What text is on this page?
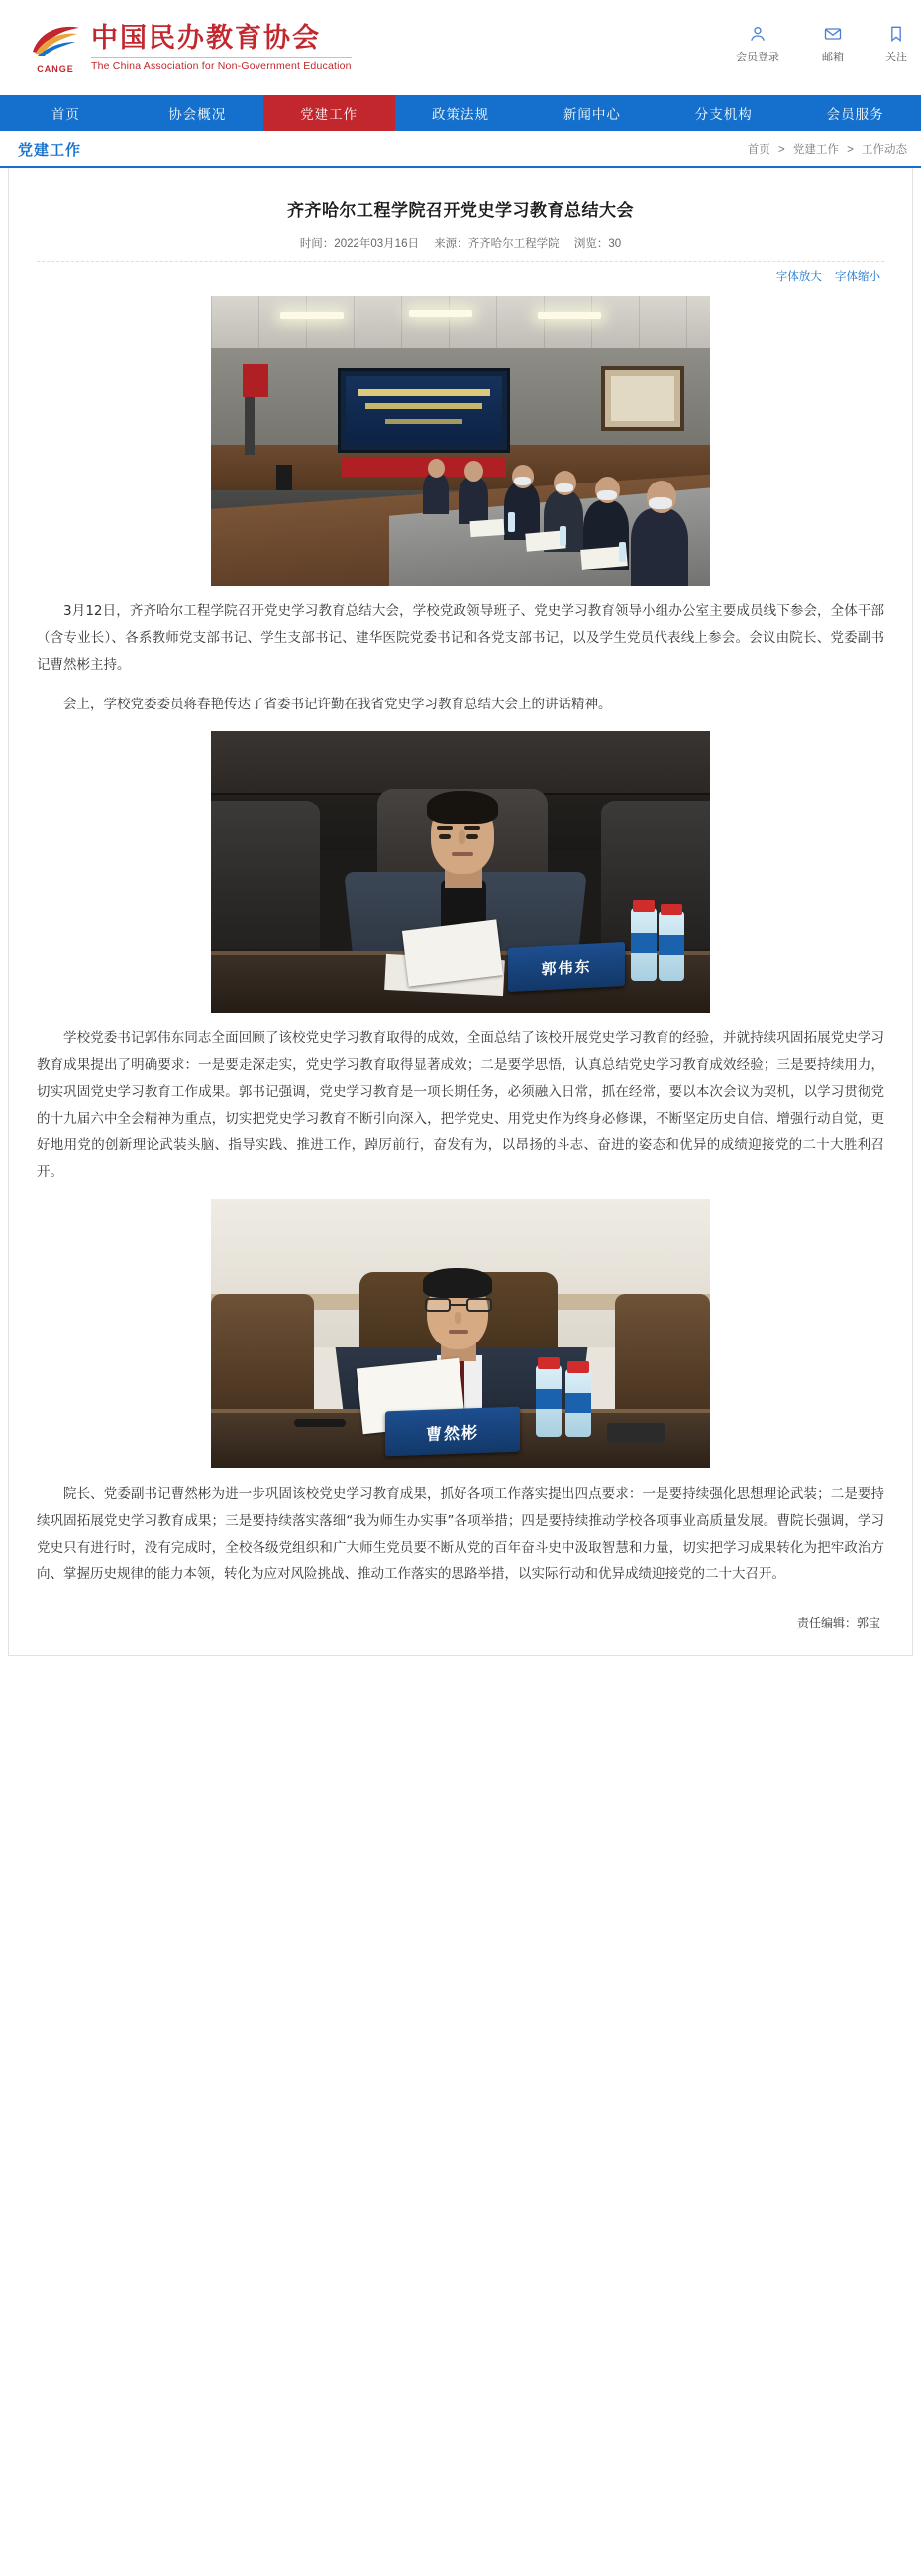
CANGE
中国民办教育协会
The China Association for Non-Government Education
会员登录	邮箱	关注
首页	协会概况	党建工作	政策法规	新闻中心	分支机构	会员服务
党建工作	首页 > 党建工作 > 工作动态
齐齐哈尔工程学院召开党史学习教育总结大会
时间：2022年03月16日 来源：齐齐哈尔工程学院 浏览：30
字体放大 字体缩小
3月12日，齐齐哈尔工程学院召开党史学习教育总结大会，学校党政领导班子、党史学习教育领导小组办公室主要成员线下参会，全体干部（含专业长）、各系教师党支部书记、学生支部书记、建华医院党委书记和各党支部书记，以及学生党员代表线上参会。会议由院长、党委副书记曹然彬主持。
会上，学校党委委员蒋春艳传达了省委书记许勤在我省党史学习教育总结大会上的讲话精神。
郭伟东
学校党委书记郭伟东同志全面回顾了该校党史学习教育取得的成效，全面总结了该校开展党史学习教育的经验，并就持续巩固拓展党史学习教育成果提出了明确要求：一是要走深走实，党史学习教育取得显著成效；二是要学思悟，认真总结党史学习教育成效经验；三是要持续用力，切实巩固党史学习教育工作成果。郭书记强调，党史学习教育是一项长期任务，必须融入日常，抓在经常，要以本次会议为契机，以学习贯彻党的十九届六中全会精神为重点，切实把党史学习教育不断引向深入，把学党史、用党史作为终身必修课，不断坚定历史自信、增强行动自觉，更好地用党的创新理论武装头脑、指导实践、推进工作，踔厉前行，奋发有为，以昂扬的斗志、奋进的姿态和优异的成绩迎接党的二十大胜利召开。
曹然彬
院长、党委副书记曹然彬为进一步巩固该校党史学习教育成果，抓好各项工作落实提出四点要求：一是要持续强化思想理论武装；二是要持续巩固拓展党史学习教育成果；三是要持续落实落细“我为师生办实事”各项举措；四是要持续推动学校各项事业高质量发展。曹院长强调，学习党史只有进行时，没有完成时，全校各级党组织和广大师生党员要不断从党的百年奋斗史中汲取智慧和力量，切实把学习成果转化为把牢政治方向、掌握历史规律的能力本领，转化为应对风险挑战、推动工作落实的思路举措，以实际行动和优异成绩迎接党的二十大召开。
责任编辑：郭宝
